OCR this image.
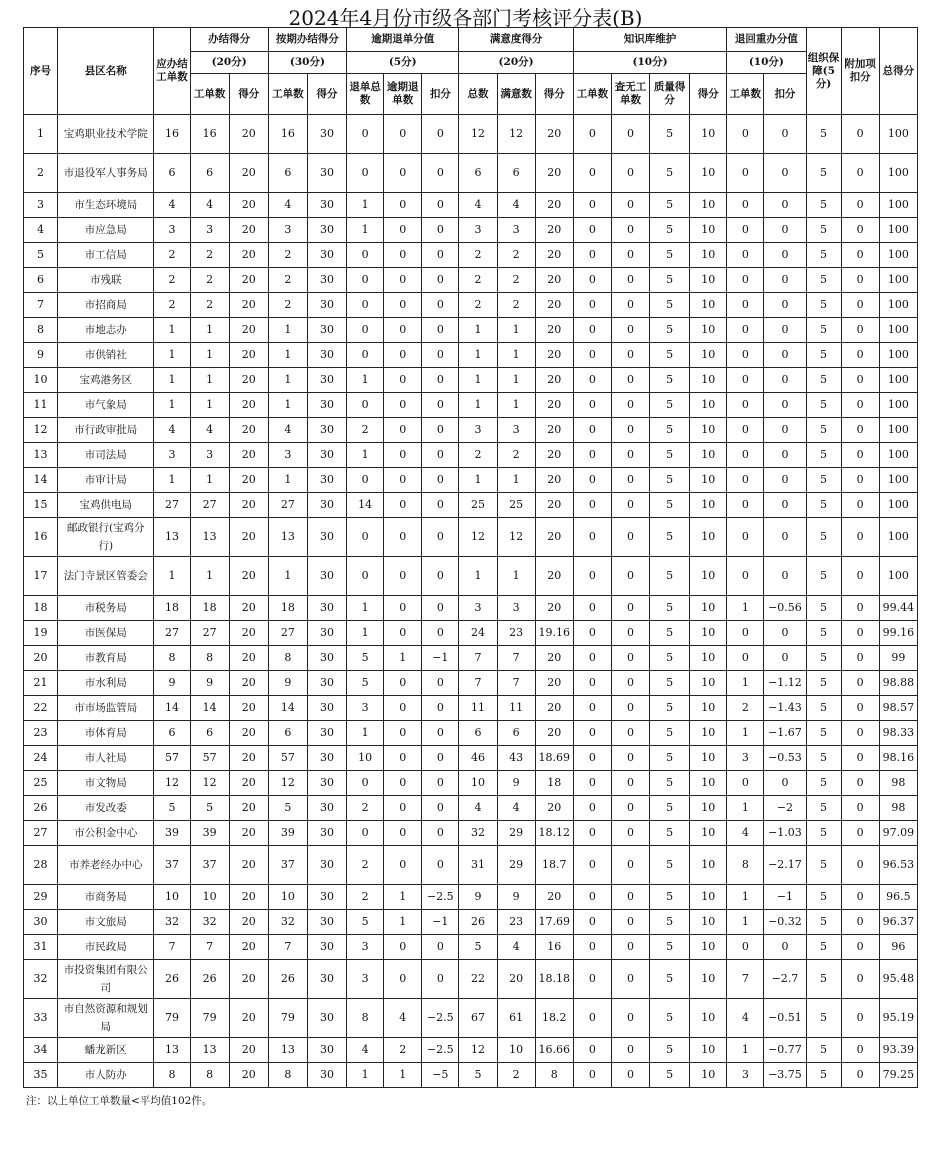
2024年4月份市级各部门考核评分表(B)
序号	县区名称	应办结工单数	办结得分		按期办结得分		逾期退单分值			满意度得分			知识库维护				退回重办分值		组织保障(5分)	附加项扣分	总得分
			(20分)		(30分)		(5分)			(20分)			(10分)				(10分)				
			工单数	得分	工单数	得分	退单总数	逾期退单数	扣分	总数	满意数	得分	工单数	查无工单数	质量得分	得分	工单数	扣分			
1	宝鸡职业技术学院	16	16	20	16	30	0	0	0	12	12	20	0	0	5	10	0	0	5	0	100
2	市退役军人事务局	6	6	20	6	30	0	0	0	6	6	20	0	0	5	10	0	0	5	0	100
3	市生态环境局	4	4	20	4	30	1	0	0	4	4	20	0	0	5	10	0	0	5	0	100
4	市应急局	3	3	20	3	30	1	0	0	3	3	20	0	0	5	10	0	0	5	0	100
5	市工信局	2	2	20	2	30	0	0	0	2	2	20	0	0	5	10	0	0	5	0	100
6	市残联	2	2	20	2	30	0	0	0	2	2	20	0	0	5	10	0	0	5	0	100
7	市招商局	2	2	20	2	30	0	0	0	2	2	20	0	0	5	10	0	0	5	0	100
8	市地志办	1	1	20	1	30	0	0	0	1	1	20	0	0	5	10	0	0	5	0	100
9	市供销社	1	1	20	1	30	0	0	0	1	1	20	0	0	5	10	0	0	5	0	100
10	宝鸡港务区	1	1	20	1	30	1	0	0	1	1	20	0	0	5	10	0	0	5	0	100
11	市气象局	1	1	20	1	30	0	0	0	1	1	20	0	0	5	10	0	0	5	0	100
12	市行政审批局	4	4	20	4	30	2	0	0	3	3	20	0	0	5	10	0	0	5	0	100
13	市司法局	3	3	20	3	30	1	0	0	2	2	20	0	0	5	10	0	0	5	0	100
14	市审计局	1	1	20	1	30	0	0	0	1	1	20	0	0	5	10	0	0	5	0	100
15	宝鸡供电局	27	27	20	27	30	14	0	0	25	25	20	0	0	5	10	0	0	5	0	100
16	邮政银行(宝鸡分行)	13	13	20	13	30	0	0	0	12	12	20	0	0	5	10	0	0	5	0	100
17	法门寺景区管委会	1	1	20	1	30	0	0	0	1	1	20	0	0	5	10	0	0	5	0	100
18	市税务局	18	18	20	18	30	1	0	0	3	3	20	0	0	5	10	1	−0.56	5	0	99.44
19	市医保局	27	27	20	27	30	1	0	0	24	23	19.16	0	0	5	10	0	0	5	0	99.16
20	市教育局	8	8	20	8	30	5	1	−1	7	7	20	0	0	5	10	0	0	5	0	99
21	市水利局	9	9	20	9	30	5	0	0	7	7	20	0	0	5	10	1	−1.12	5	0	98.88
22	市市场监管局	14	14	20	14	30	3	0	0	11	11	20	0	0	5	10	2	−1.43	5	0	98.57
23	市体育局	6	6	20	6	30	1	0	0	6	6	20	0	0	5	10	1	−1.67	5	0	98.33
24	市人社局	57	57	20	57	30	10	0	0	46	43	18.69	0	0	5	10	3	−0.53	5	0	98.16
25	市文物局	12	12	20	12	30	0	0	0	10	9	18	0	0	5	10	0	0	5	0	98
26	市发改委	5	5	20	5	30	2	0	0	4	4	20	0	0	5	10	1	−2	5	0	98
27	市公积金中心	39	39	20	39	30	0	0	0	32	29	18.12	0	0	5	10	4	−1.03	5	0	97.09
28	市养老经办中心	37	37	20	37	30	2	0	0	31	29	18.7	0	0	5	10	8	−2.17	5	0	96.53
29	市商务局	10	10	20	10	30	2	1	−2.5	9	9	20	0	0	5	10	1	−1	5	0	96.5
30	市文旅局	32	32	20	32	30	5	1	−1	26	23	17.69	0	0	5	10	1	−0.32	5	0	96.37
31	市民政局	7	7	20	7	30	3	0	0	5	4	16	0	0	5	10	0	0	5	0	96
32	市投资集团有限公司	26	26	20	26	30	3	0	0	22	20	18.18	0	0	5	10	7	−2.7	5	0	95.48
33	市自然资源和规划局	79	79	20	79	30	8	4	−2.5	67	61	18.2	0	0	5	10	4	−0.51	5	0	95.19
34	蟠龙新区	13	13	20	13	30	4	2	−2.5	12	10	16.66	0	0	5	10	1	−0.77	5	0	93.39
35	市人防办	8	8	20	8	30	1	1	−5	5	2	8	0	0	5	10	3	−3.75	5	0	79.25
注：以上单位工单数量<平均值102件。
